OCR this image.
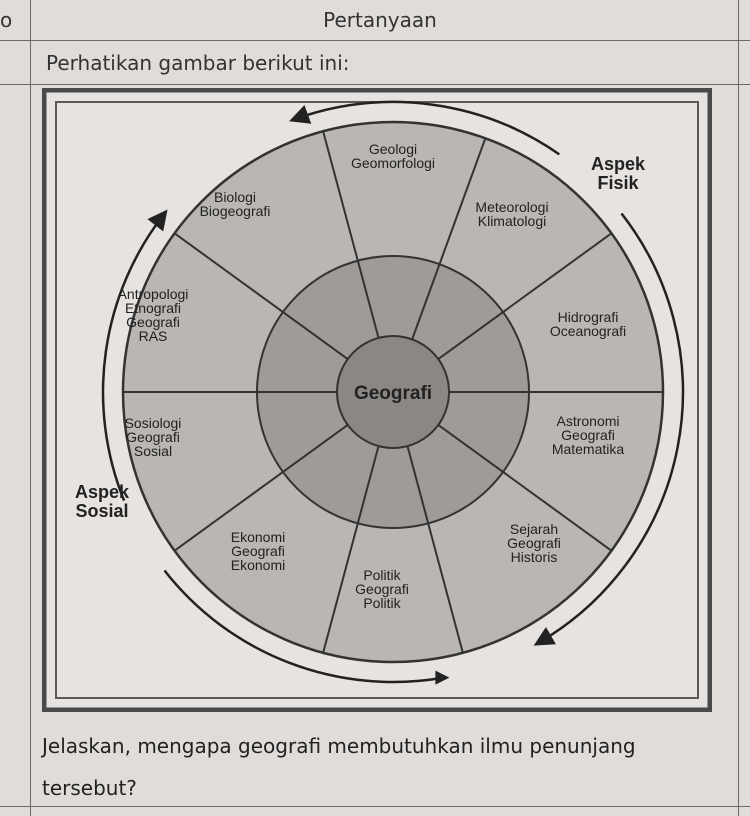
o	Pertanyaan
Perhatikan gambar berikut ini:
Geografi
Geologi Geomorfologi
Meteorologi Klimatologi
Hidrografi Oceanografi
Astronomi Geografi Matematika
Sejarah Geografi Historis
Politik Geografi Politik
Ekonomi Geografi Ekonomi
Sosiologi Geografi Sosial
Antropologi Etnografi Geografi RAS
Biologi Biogeografi
Aspek Fisik
Aspek Sosial
Jelaskan, mengapa geografi membutuhkan ilmu penunjang
tersebut?
